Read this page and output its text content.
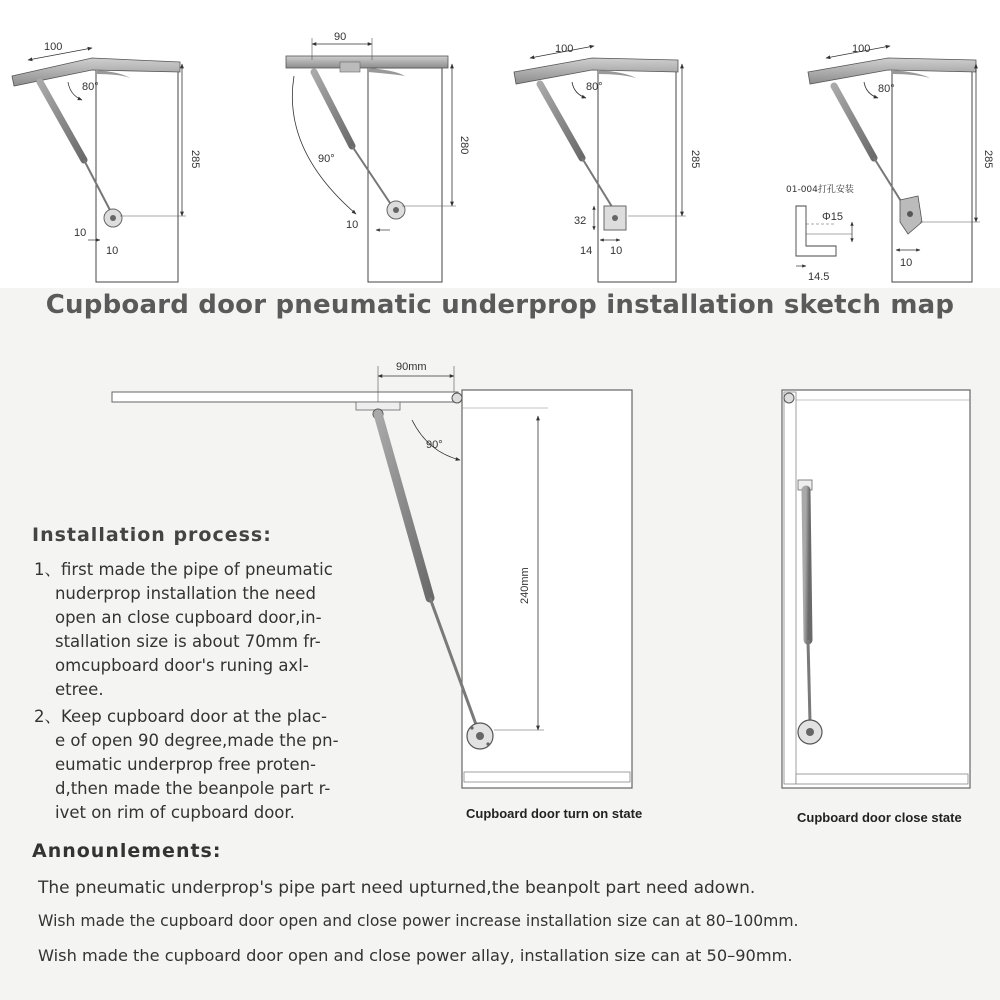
100
80°
285
10
10
90
90°
280
10
100
80°
285
32
14 10
100
80°
285
01-004打孔安装
Φ15
14.5
10
90mm
90°
240mm
Cupboard door turn on state	Cupboard door close state
Cupboard door pneumatic underprop installation sketch map
Installation process:
1、first made the pipe of pneumatic
nuderprop installation the need
open an close cupboard door,in-
stallation size is about 70mm fr-
omcupboard door's runing axl-
etree.
2、Keep cupboard door at the plac-
e of open 90 degree,made the pn-
eumatic underprop free proten-
d,then made the beanpole part r-
ivet on rim of cupboard door.
Announlements:
The pneumatic underprop's pipe part need upturned,the beanpolt part need adown.
Wish made the cupboard door open and close power increase installation size can at 80–100mm.
Wish made the cupboard door open and close power allay, installation size can at 50–90mm.
